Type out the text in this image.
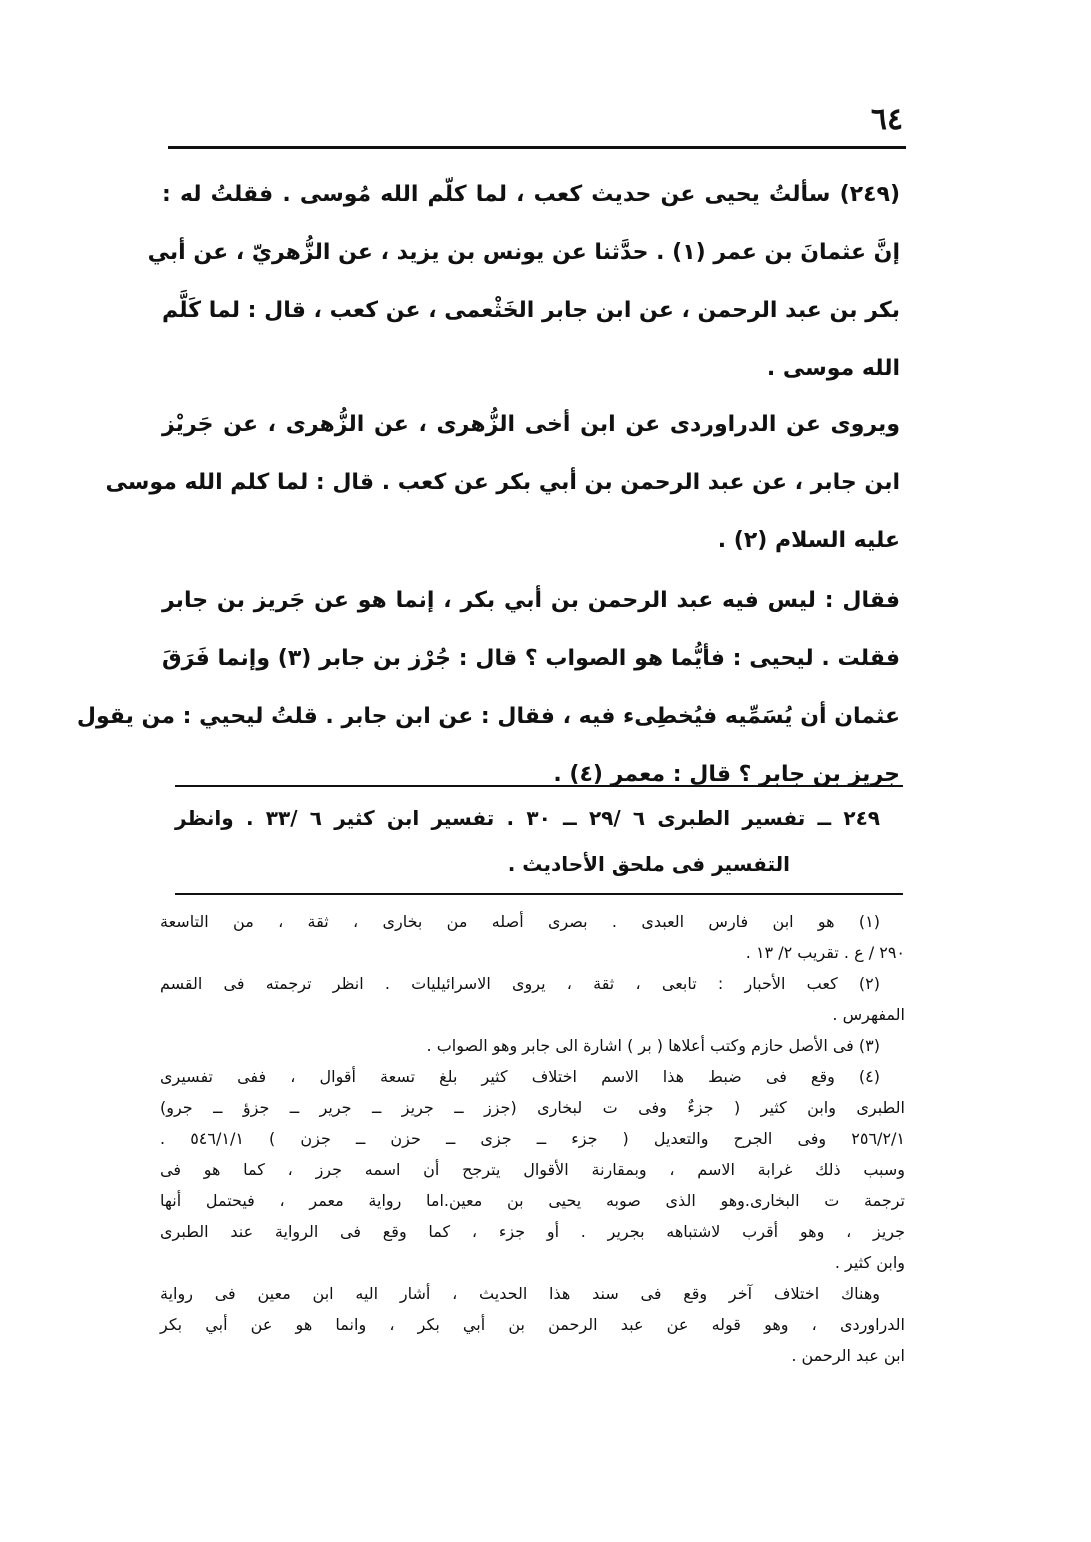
٦٤
(٢٤٩) سألتُ يحيى عن حديث كعب ، لما كلّم الله مُوسى . فقلتُ له :
إنَّ عثمانَ بن عمر (١) . حدَّثنا عن يونس بن يزيد ، عن الزُّهريّ ، عن أبي
بكر بن عبد الرحمن ، عن ابن جابر الخَثْعمى ، عن كعب ، قال : لما كَلَّم
الله موسى .
ويروى عن الدراوردى عن ابن أخى الزُّهرى ، عن الزُّهرى ، عن جَريْز
ابن جابر ، عن عبد الرحمن بن أبي بكر عن كعب . قال : لما كلم الله موسى
عليه السلام (٢) .
فقال : ليس فيه عبد الرحمن بن أبي بكر ، إنما هو عن جَريز بن جابر
فقلت . ليحيى : فأيُّما هو الصواب ؟ قال : جُرْز بن جابر (٣) وإنما فَرَقَ
عثمان أن يُسَمِّيه فيُخطِىء فيه ، فقال : عن ابن جابر . قلتُ ليحيي : من يقول
جريز بن جابر ؟ قال : معمر (٤) .
٢٤٩ ــ تفسير الطبرى ٦ /٢٩ ــ ٣٠ . تفسير ابن كثير ٦ /٣٣ . وانظر
التفسير فى ملحق الأحاديث .
(١) هو ابن فارس العبدى . بصرى أصله من بخارى ، ثقة ، من التاسعة
٢٩٠ / ع . تقريب ٢/ ١٣ .
(٢) كعب الأحبار : تابعى ، ثقة ، يروى الاسرائيليات . انظر ترجمته فى القسم
المفهرس .
(٣) فى الأصل حازم وكتب أعلاها ( بر ) اشارة الى جابر وهو الصواب .
(٤) وقع فى ضبط هذا الاسم اختلاف كثير بلغ تسعة أقوال ، ففى تفسيرى
الطبرى وابن كثير ( جزءٌ وفى ت لبخارى (جزز ــ جريز ــ جرير ــ جزؤ ــ جرو)
٢٥٦/٢/١ وفى الجرح والتعديل ( جزء ــ جزى ــ حزن ــ جزن ) ٥٤٦/١/١ .
وسبب ذلك غرابة الاسم ، وبمقارنة الأقوال يترجح أن اسمه جرز ، كما هو فى
ترجمة ت البخارى.وهو الذى صوبه يحيى بن معين.اما رواية معمر ، فيحتمل أنها
جريز ، وهو أقرب لاشتباهه بجرير . أو جزء ، كما وقع فى الرواية عند الطبرى
وابن كثير .
وهناك اختلاف آخر وقع فى سند هذا الحديث ، أشار اليه ابن معين فى رواية
الدراوردى ، وهو قوله عن عبد الرحمن بن أبي بكر ، وانما هو عن أبي بكر
ابن عبد الرحمن .
